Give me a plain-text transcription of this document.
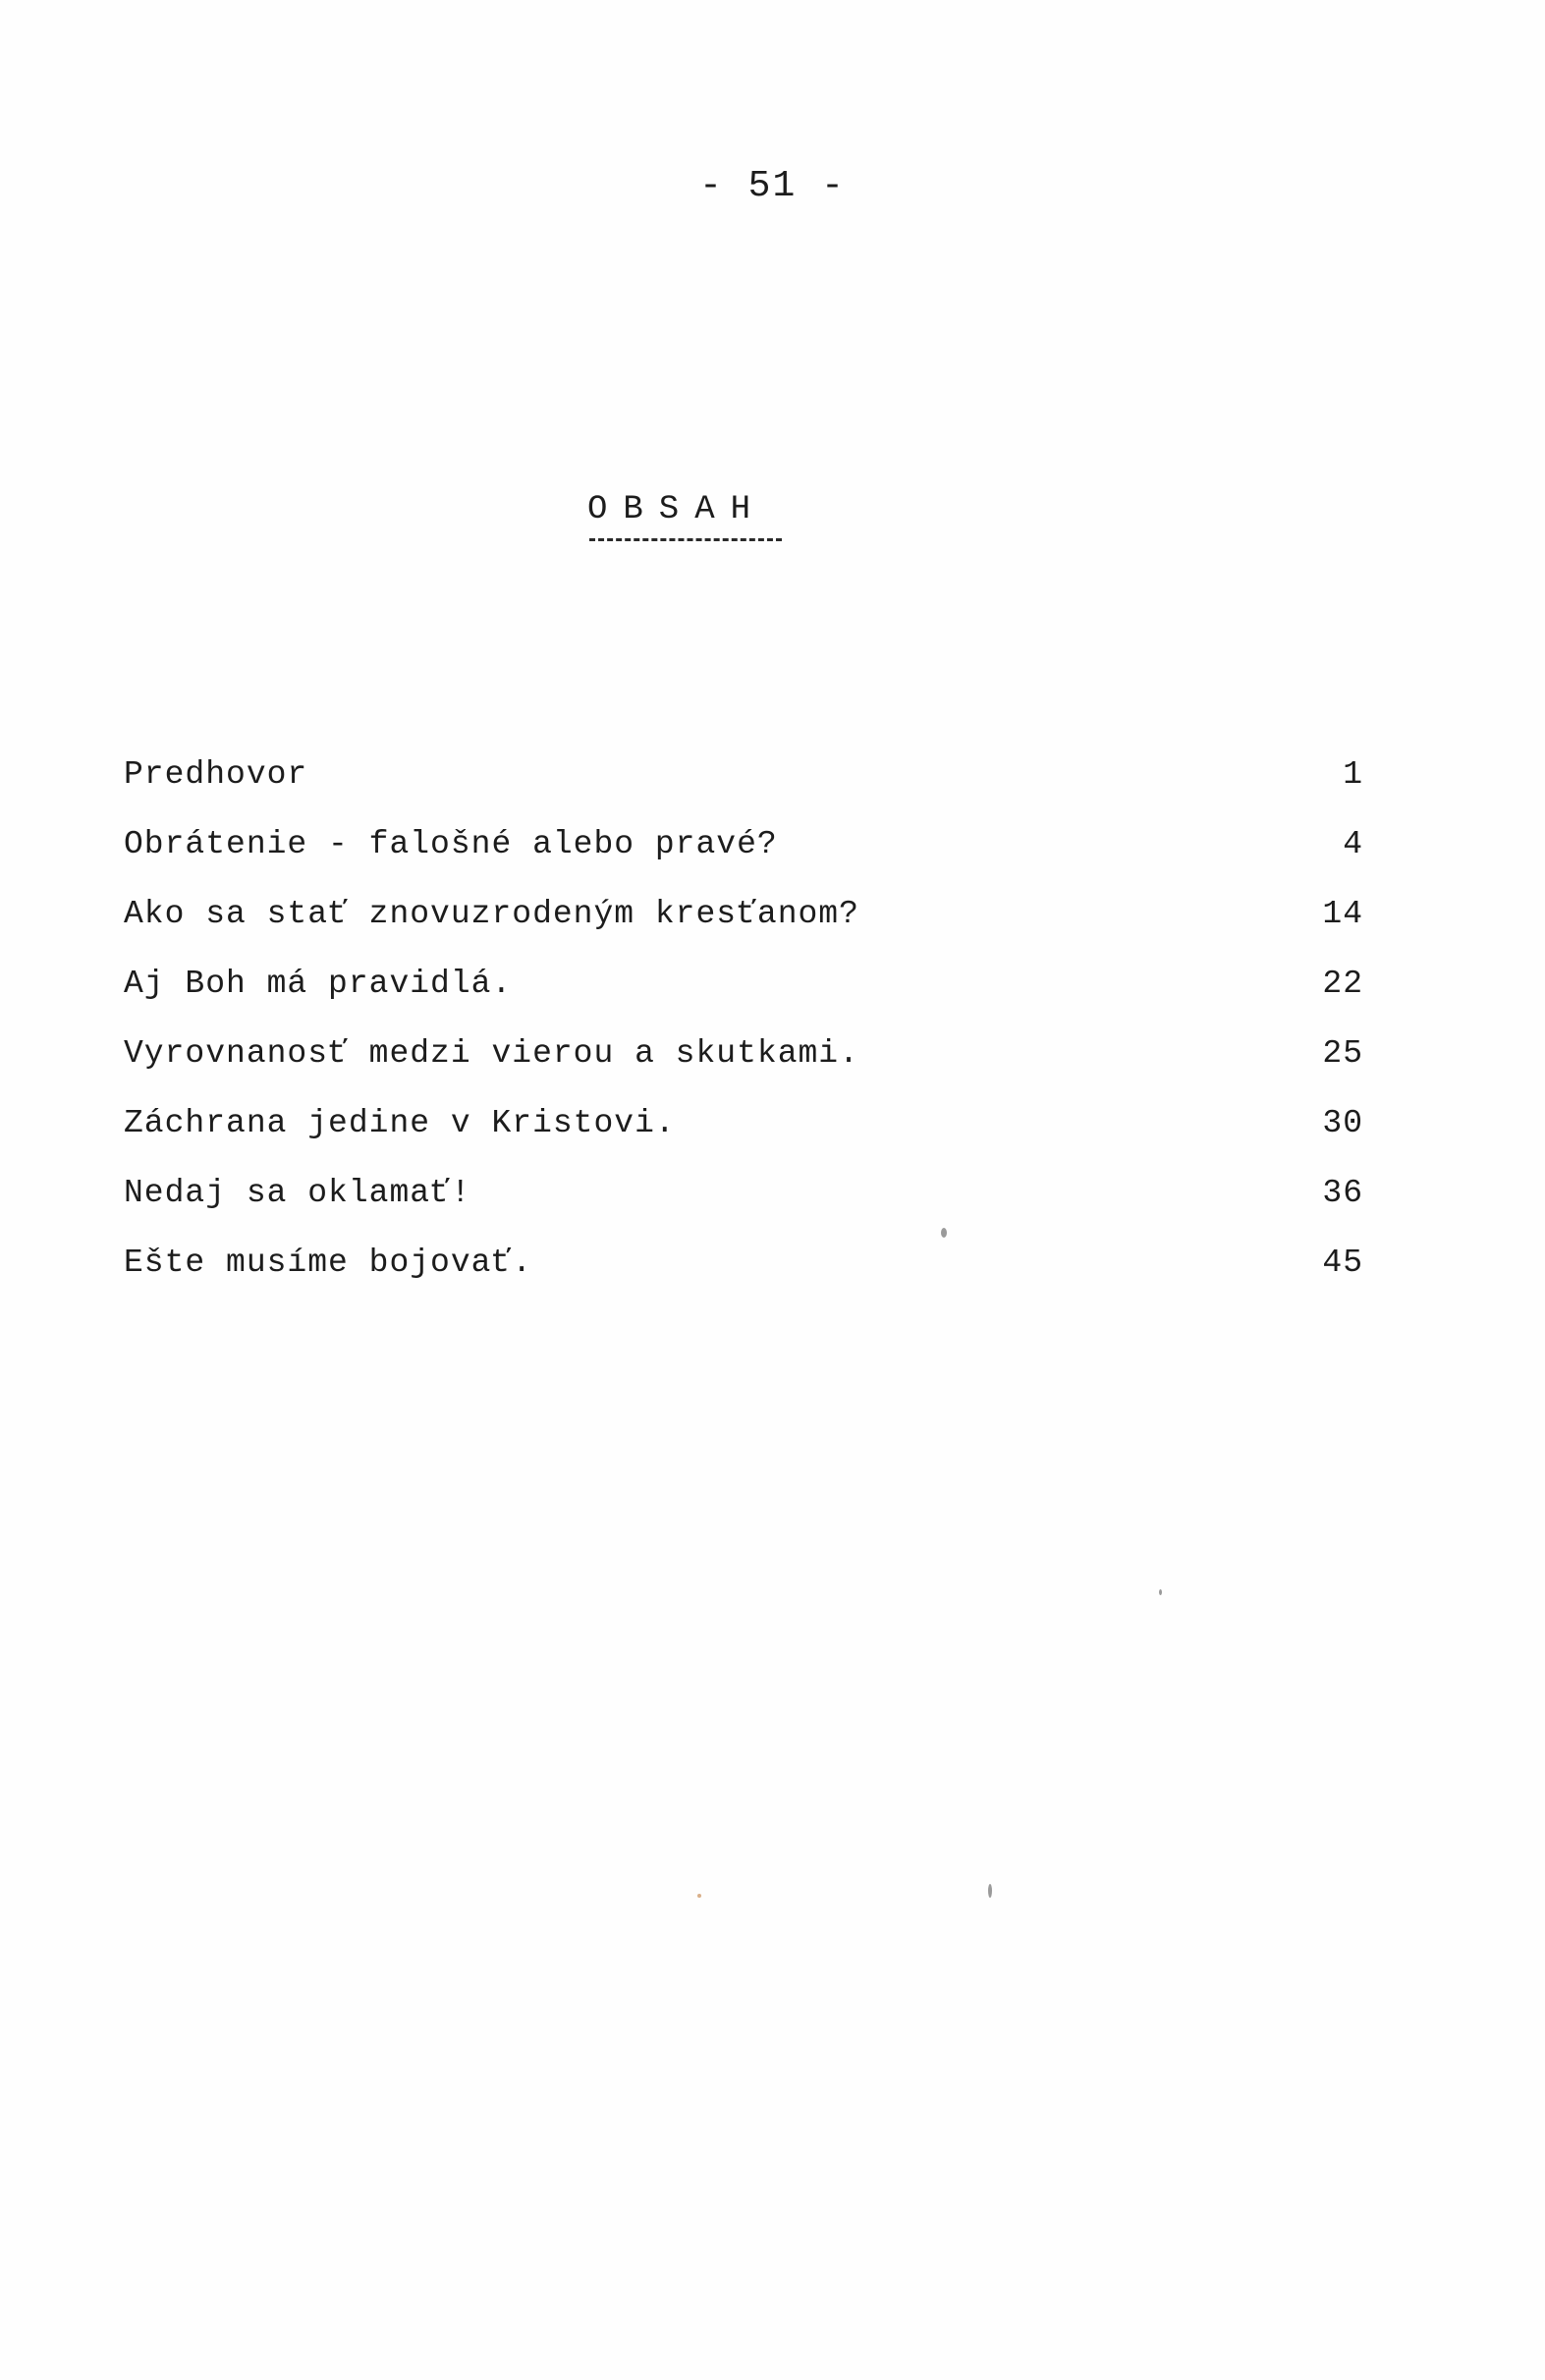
- 51 -
OBSAH
Predhovor	1
Obrátenie - falošné alebo pravé?	4
Ako sa stať znovuzrodeným kresťanom?	14
Aj Boh má pravidlá.	22
Vyrovnanosť medzi vierou a skutkami.	25
Záchrana jedine v Kristovi.	30
Nedaj sa oklamať!	36
Ešte musíme bojovať.	45
